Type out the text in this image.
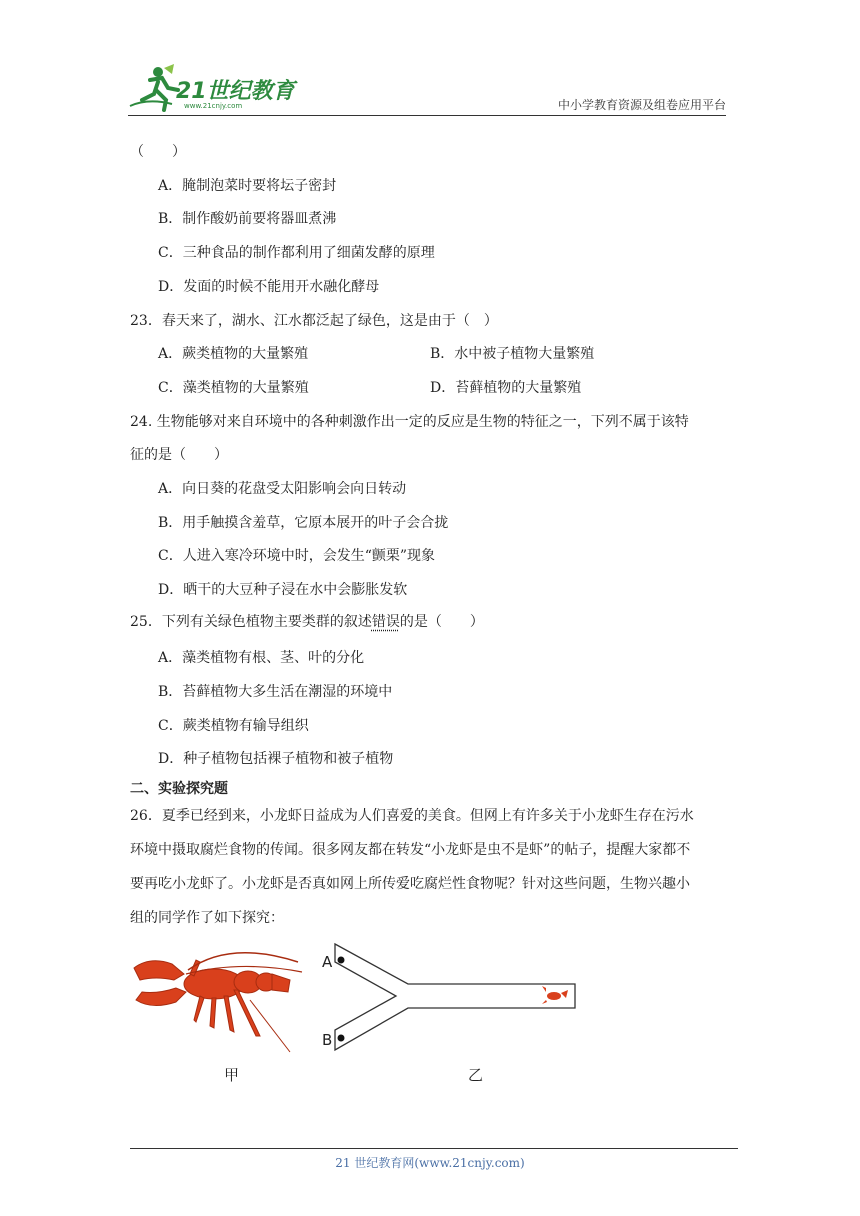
21世纪教育
www.21cnjy.com	中小学教育资源及组卷应用平台
（　　）
A．腌制泡菜时要将坛子密封
B．制作酸奶前要将器皿煮沸
C．三种食品的制作都利用了细菌发酵的原理
D．发面的时候不能用开水融化酵母
23．春天来了，湖水、江水都泛起了绿色，这是由于（　）
A．蕨类植物的大量繁殖	B．水中被子植物大量繁殖
C．藻类植物的大量繁殖	D．苔藓植物的大量繁殖
24. 生物能够对来自环境中的各种刺激作出一定的反应是生物的特征之一，下列不属于该特
征的是（　　）
A．向日葵的花盘受太阳影响会向日转动
B．用手触摸含羞草，它原本展开的叶子会合拢
C．人进入寒冷环境中时，会发生“颤栗”现象
D．晒干的大豆种子浸在水中会膨胀发软
25．下列有关绿色植物主要类群的叙述错误的是（　　）
A．藻类植物有根、茎、叶的分化
B．苔藓植物大多生活在潮湿的环境中
C．蕨类植物有输导组织
D．种子植物包括裸子植物和被子植物
二、实验探究题
26．夏季已经到来，小龙虾日益成为人们喜爱的美食。但网上有许多关于小龙虾生存在污水
环境中摄取腐烂食物的传闻。很多网友都在转发“小龙虾是虫不是虾”的帖子，提醒大家都不
要再吃小龙虾了。小龙虾是否真如网上所传爱吃腐烂性食物呢？针对这些问题，生物兴趣小
组的同学作了如下探究：
甲
A
B
乙
21 世纪教育网(www.21cnjy.com)
